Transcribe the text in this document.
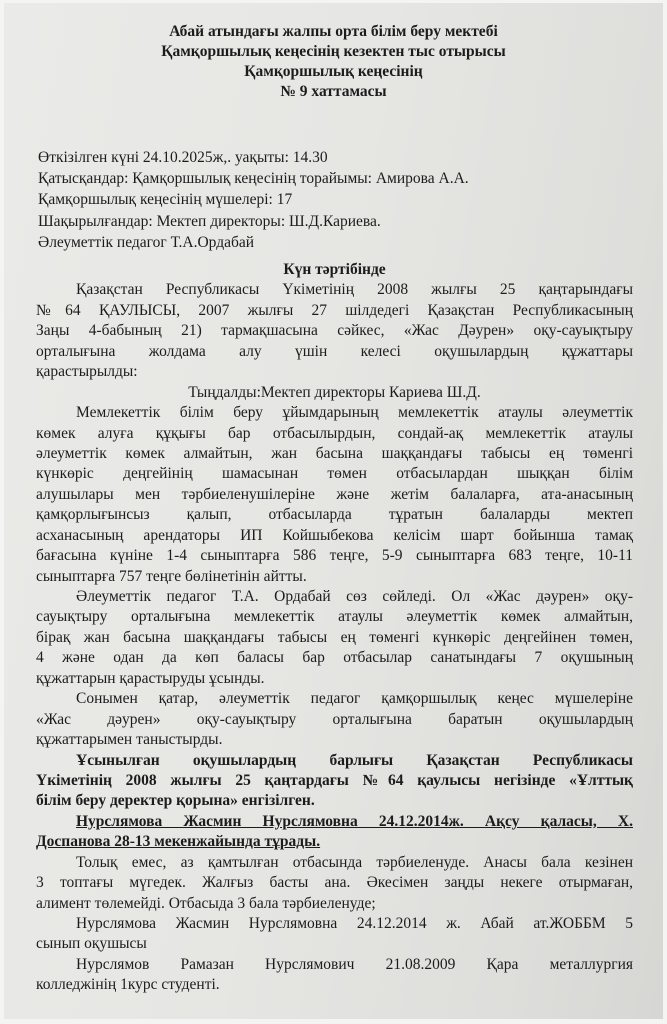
Абай атындағы жалпы орта білім беру мектебі
Қамқоршылық кеңесінің кезектен тыс отырысы
Қамқоршылық кеңесінің
№ 9 хаттамасы
Өткізілген күні 24.10.2025ж,. уақыты: 14.30
Қатысқандар: Қамқоршылық кеңесінің торайымы: Амирова А.А.
Қамқоршылық кеңесінің мүшелері: 17
Шақырылғандар: Мектеп директоры: Ш.Д.Кариева.
Әлеуметтік педагог Т.А.Ордабай
Күн тәртібінде
Қазақстан Республикасы Үкіметінің 2008 жылғы 25 қаңтарындағы
№64 ҚАУЛЫСЫ, 2007 жылғы 27 шілдедегі Қазақстан Республикасының
Заңы 4-бабының 21) тармақшасына сәйкес, «Жас Дәурен» оқу-сауықтыру
орталығына жолдама алу үшін келесі оқушылардың құжаттары
қарастырылды:
Тыңдалды:Мектеп директоры Кариева Ш.Д.
Мемлекеттік білім беру ұйымдарының мемлекеттік атаулы әлеуметтік
көмек алуға құқығы бар отбасылырдын, сондай-ақ мемлекеттік атаулы
әлеуметтік көмек алмайтын, жан басына шаққандағы табысы ең төменгі
күнкөріс деңгейінің шамасынан төмен отбасылардан шыққан білім
алушылары мен тәрбиеленушілеріне және жетім балаларға, ата-анасының
қамқорлығынсыз қалып, отбасыларда тұратын балаларды мектеп
асханасының арендаторы ИП Койшыбекова келісім шарт бойынша тамақ
бағасына күніне 1-4 сыныптарға 586 теңге, 5-9 сыныптарға 683 теңге, 10-11
сыныптарға 757 теңге бөлінетінін айтты.
Әлеуметтік педагог Т.А. Ордабай сөз сөйледі. Ол «Жас дәурен» оқу-
сауықтыру орталығына мемлекеттік атаулы әлеуметтік көмек алмайтын,
бірақ жан басына шаққандағы табысы ең төменгі күнкөріс деңгейінен төмен,
4 және одан да көп баласы бар отбасылар санатындағы 7 оқушының
құжаттарын қарастыруды ұсынды.
Сонымен қатар, әлеуметтік педагог қамқоршылық кеңес мүшелеріне
«Жас дәурен» оқу-сауықтыру орталығына баратын оқушылардың
құжаттарымен таныстырды.
Ұсынылған оқушылардың барлығы Қазақстан Республикасы
Үкіметінің 2008 жылғы 25 қаңтардағы №64 қаулысы негізінде «Ұлттық
білім беру деректер қорына» енгізілген.
Нурслямова Жасмин Нурслямовна 24.12.2014ж. Ақсу қаласы, Х.
Доспанова 28-13 мекенжайында тұрады.
Толық емес, аз қамтылған отбасында тәрбиеленуде. Анасы бала кезінен
3 топтағы мүгедек. Жалғыз басты ана. Әкесімен заңды некеге отырмаған,
алимент төлемейді. Отбасыда 3 бала тәрбиеленуде;
Нурслямова Жасмин Нурслямовна 24.12.2014 ж. Абай ат.ЖОББМ 5
сынып оқушысы
Нурслямов Рамазан Нурслямович 21.08.2009 Қара металлургия
колледжінің 1курс студенті.
